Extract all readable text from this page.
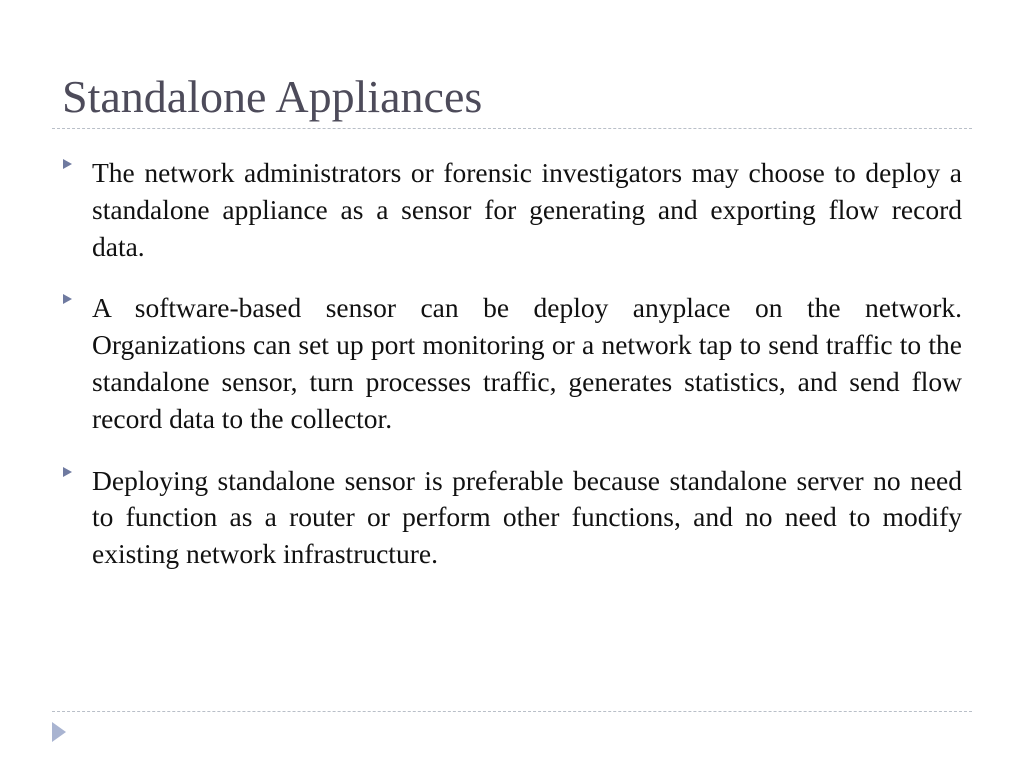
Standalone Appliances
The network administrators or forensic investigators may choose to deploy a standalone appliance as a sensor for generating and exporting flow record data.
A software-based sensor can be deploy anyplace on the network. Organizations can set up port monitoring or a network tap to send traffic to the standalone sensor, turn processes traffic, generates statistics, and send flow record data to the collector.
Deploying standalone sensor is preferable because standalone server no need to function as a router or perform other functions, and no need to modify existing network infrastructure.
